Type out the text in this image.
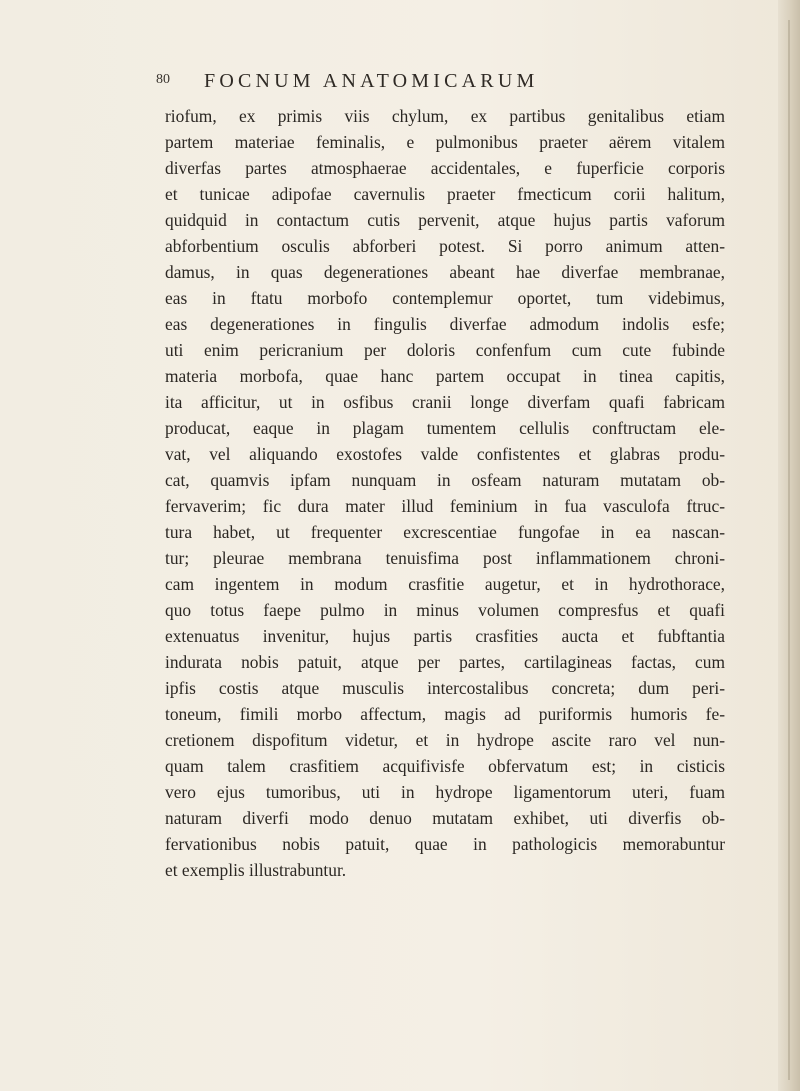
80 FOCNUM ANATOMICARUM
riofum, ex primis viis chylum, ex partibus genitalibus etiam
partem materiae feminalis, e pulmonibus praeter aërem vitalem
diverfas partes atmosphaerae accidentales, e fuperficie corporis
et tunicae adipofae cavernulis praeter fmecticum corii halitum,
quidquid in contactum cutis pervenit, atque hujus partis vaforum
abforbentium osculis abforberi potest. Si porro animum atten-
damus, in quas degenerationes abeant hae diverfae membranae,
eas in ftatu morbofo contemplemur oportet, tum videbimus,
eas degenerationes in fingulis diverfae admodum indolis esfe;
uti enim pericranium per doloris confenfum cum cute fubinde
materia morbofa, quae hanc partem occupat in tinea capitis,
ita afficitur, ut in osfibus cranii longe diverfam quafi fabricam
producat, eaque in plagam tumentem cellulis conftructam ele-
vat, vel aliquando exostofes valde confistentes et glabras produ-
cat, quamvis ipfam nunquam in osfeam naturam mutatam ob-
fervaverim; fic dura mater illud feminium in fua vasculofa ftruc-
tura habet, ut frequenter excrescentiae fungofae in ea nascan-
tur; pleurae membrana tenuisfima post inflammationem chroni-
cam ingentem in modum crasfitie augetur, et in hydrothorace,
quo totus faepe pulmo in minus volumen compresfus et quafi
extenuatus invenitur, hujus partis crasfities aucta et fubftantia
indurata nobis patuit, atque per partes, cartilagineas factas, cum
ipfis costis atque musculis intercostalibus concreta; dum peri-
toneum, fimili morbo affectum, magis ad puriformis humoris fe-
cretionem dispofitum videtur, et in hydrope ascite raro vel nun-
quam talem crasfitiem acquifivisfe obfervatum est; in cisticis
vero ejus tumoribus, uti in hydrope ligamentorum uteri, fuam
naturam diverfi modo denuo mutatam exhibet, uti diverfis ob-
fervationibus nobis patuit, quae in pathologicis memorabuntur
et exemplis illustrabuntur.
